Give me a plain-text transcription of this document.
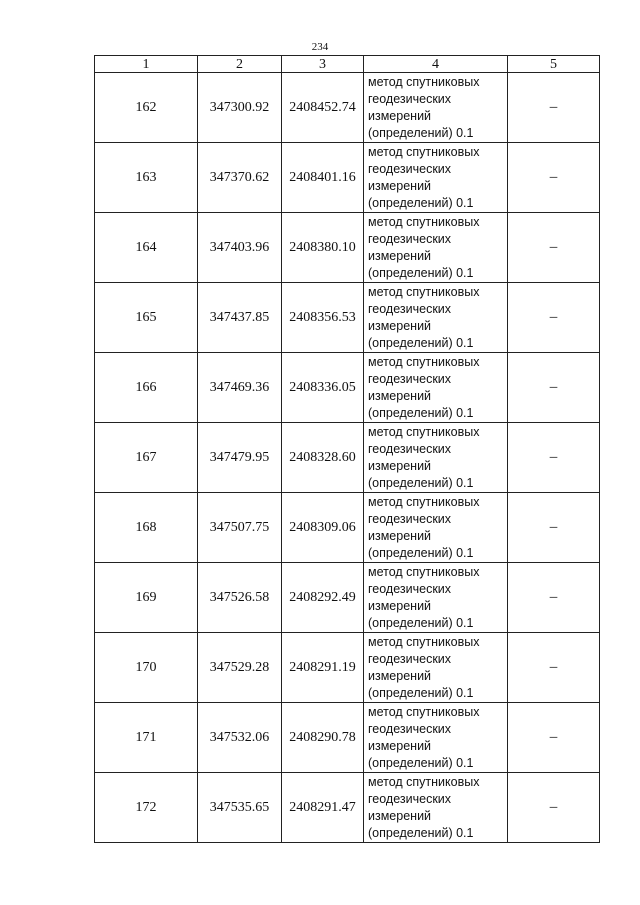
234
1	2	3	4	5
162	347300.92	2408452.74	метод спутниковых геодезических измерений (определений) 0.1	–
163	347370.62	2408401.16	метод спутниковых геодезических измерений (определений) 0.1	–
164	347403.96	2408380.10	метод спутниковых геодезических измерений (определений) 0.1	–
165	347437.85	2408356.53	метод спутниковых геодезических измерений (определений) 0.1	–
166	347469.36	2408336.05	метод спутниковых геодезических измерений (определений) 0.1	–
167	347479.95	2408328.60	метод спутниковых геодезических измерений (определений) 0.1	–
168	347507.75	2408309.06	метод спутниковых геодезических измерений (определений) 0.1	–
169	347526.58	2408292.49	метод спутниковых геодезических измерений (определений) 0.1	–
170	347529.28	2408291.19	метод спутниковых геодезических измерений (определений) 0.1	–
171	347532.06	2408290.78	метод спутниковых геодезических измерений (определений) 0.1	–
172	347535.65	2408291.47	метод спутниковых геодезических измерений (определений) 0.1	–
